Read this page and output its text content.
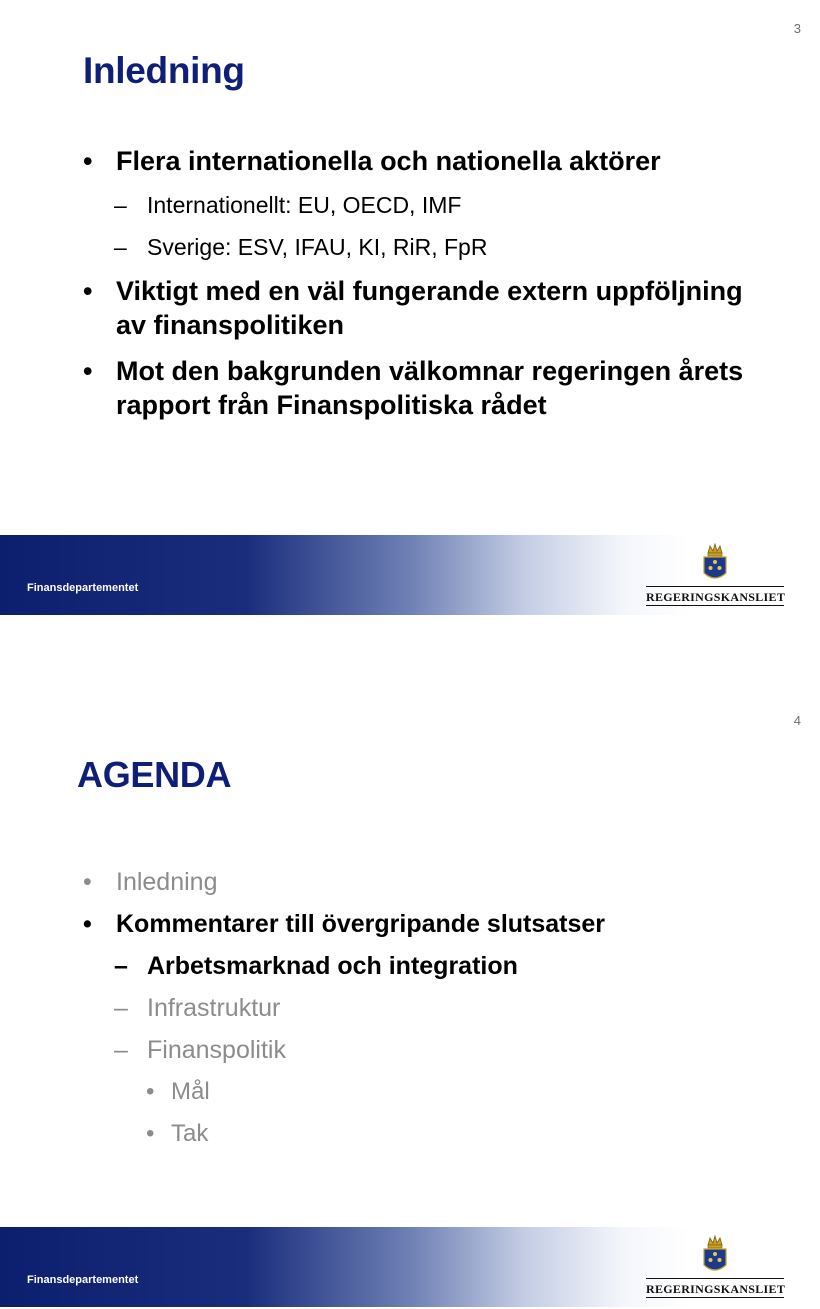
3
Inledning
• Flera internationella och nationella aktörer
– Internationellt: EU, OECD, IMF
– Sverige: ESV, IFAU, KI, RiR, FpR
• Viktigt med en väl fungerande extern uppföljning av finanspolitiken
• Mot den bakgrunden välkomnar regeringen årets rapport från Finanspolitiska rådet
Finansdepartementet
REGERINGSKANSLIET
4
AGENDA
• Inledning
• Kommentarer till övergripande slutsatser
– Arbetsmarknad och integration
– Infrastruktur
– Finanspolitik
• Mål
• Tak
Finansdepartementet
REGERINGSKANSLIET
